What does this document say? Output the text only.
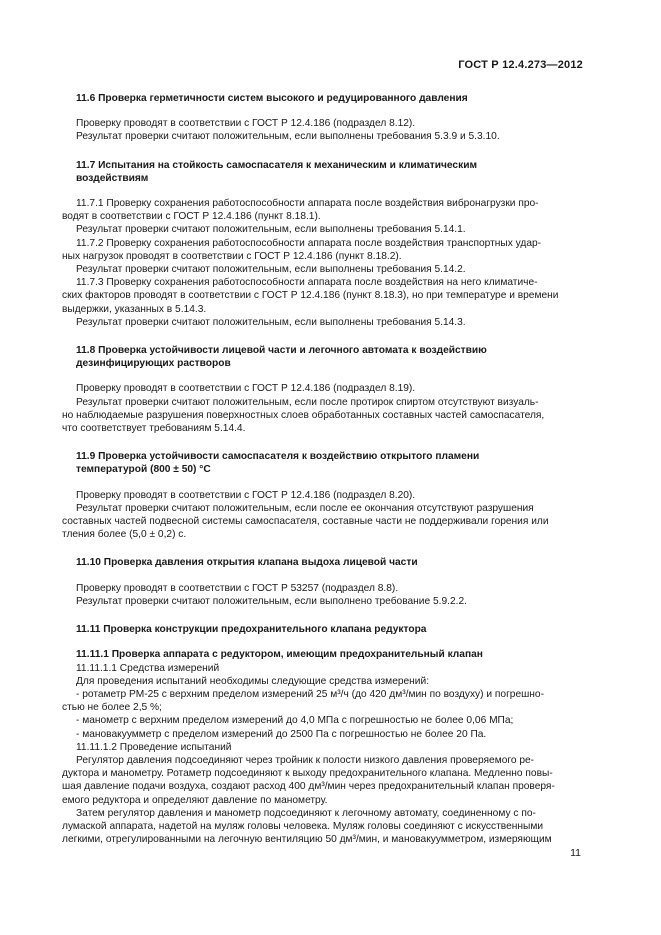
ГОСТ Р 12.4.273—2012

11.6 Проверка герметичности систем высокого и редуцированного давления

Проверку проводят в соответствии с ГОСТ Р 12.4.186 (подраздел 8.12).

Результат проверки считают положительным, если выполнены требования 5.3.9 и 5.3.10.

11.7 Испытания на стойкость самоспасателя к механическим и климатическим

воздействиям

11.7.1 Проверку сохранения работоспособности аппарата после воздействия вибронагрузки про-

водят в соответствии с ГОСТ Р 12.4.186 (пункт 8.18.1).

Результат проверки считают положительным, если выполнены требования 5.14.1.

11.7.2 Проверку сохранения работоспособности аппарата после воздействия транспортных удар-

ных нагрузок проводят в соответствии с ГОСТ Р 12.4.186 (пункт 8.18.2).

Результат проверки считают положительным, если выполнены требования 5.14.2.

11.7.3 Проверку сохранения работоспособности аппарата после воздействия на него климатиче-

ских факторов проводят в соответствии с ГОСТ Р 12.4.186 (пункт 8.18.3), но при температуре и времени

выдержки, указанных в 5.14.3.

Результат проверки считают положительным, если выполнены требования 5.14.3.

11.8 Проверка устойчивости лицевой части и легочного автомата к воздействию

дезинфицирующих растворов

Проверку проводят в соответствии с ГОСТ Р 12.4.186 (подраздел 8.19).

Результат проверки считают положительным, если после протирок спиртом отсутствуют визуаль-

но наблюдаемые разрушения поверхностных слоев обработанных составных частей самоспасателя,

что соответствует требованиям 5.14.4.

11.9 Проверка устойчивости самоспасателя к воздействию открытого пламени

температурой (800 ± 50) °С

Проверку проводят в соответствии с ГОСТ Р 12.4.186 (подраздел 8.20).

Результат проверки считают положительным, если после ее окончания отсутствуют разрушения

составных частей подвесной системы самоспасателя, составные части не поддерживали горения или

тления более (5,0 ± 0,2) с.

11.10 Проверка давления открытия клапана выдоха лицевой части

Проверку проводят в соответствии с ГОСТ Р 53257 (подраздел 8.8).

Результат проверки считают положительным, если выполнено требование 5.9.2.2.

11.11 Проверка конструкции предохранительного клапана редуктора

11.11.1 Проверка аппарата с редуктором, имеющим предохранительный клапан

11.11.1.1 Средства измерений

Для проведения испытаний необходимы следующие средства измерений:

- ротаметр РМ-25 с верхним пределом измерений 25 м³/ч (до 420 дм³/мин по воздуху) и погрешно-

стью не более 2,5 %;

- манометр с верхним пределом измерений до 4,0 МПа с погрешностью не более 0,06 МПа;

- мановакуумметр с пределом измерений до 2500 Па с погрешностью не более 20 Па.

11.11.1.2 Проведение испытаний

Регулятор давления подсоединяют через тройник к полости низкого давления проверяемого ре-

дуктора и манометру. Ротаметр подсоединяют к выходу предохранительного клапана. Медленно повы-

шая давление подачи воздуха, создают расход 400 дм³/мин через предохранительный клапан проверя-

емого редуктора и определяют давление по манометру.

Затем регулятор давления и манометр подсоединяют к легочному автомату, соединенному с по-

лумаской аппарата, надетой на муляж головы человека. Муляж головы соединяют с искусственными

легкими, отрегулированными на легочную вентиляцию 50 дм³/мин, и мановакуумметром, измеряющим

11
